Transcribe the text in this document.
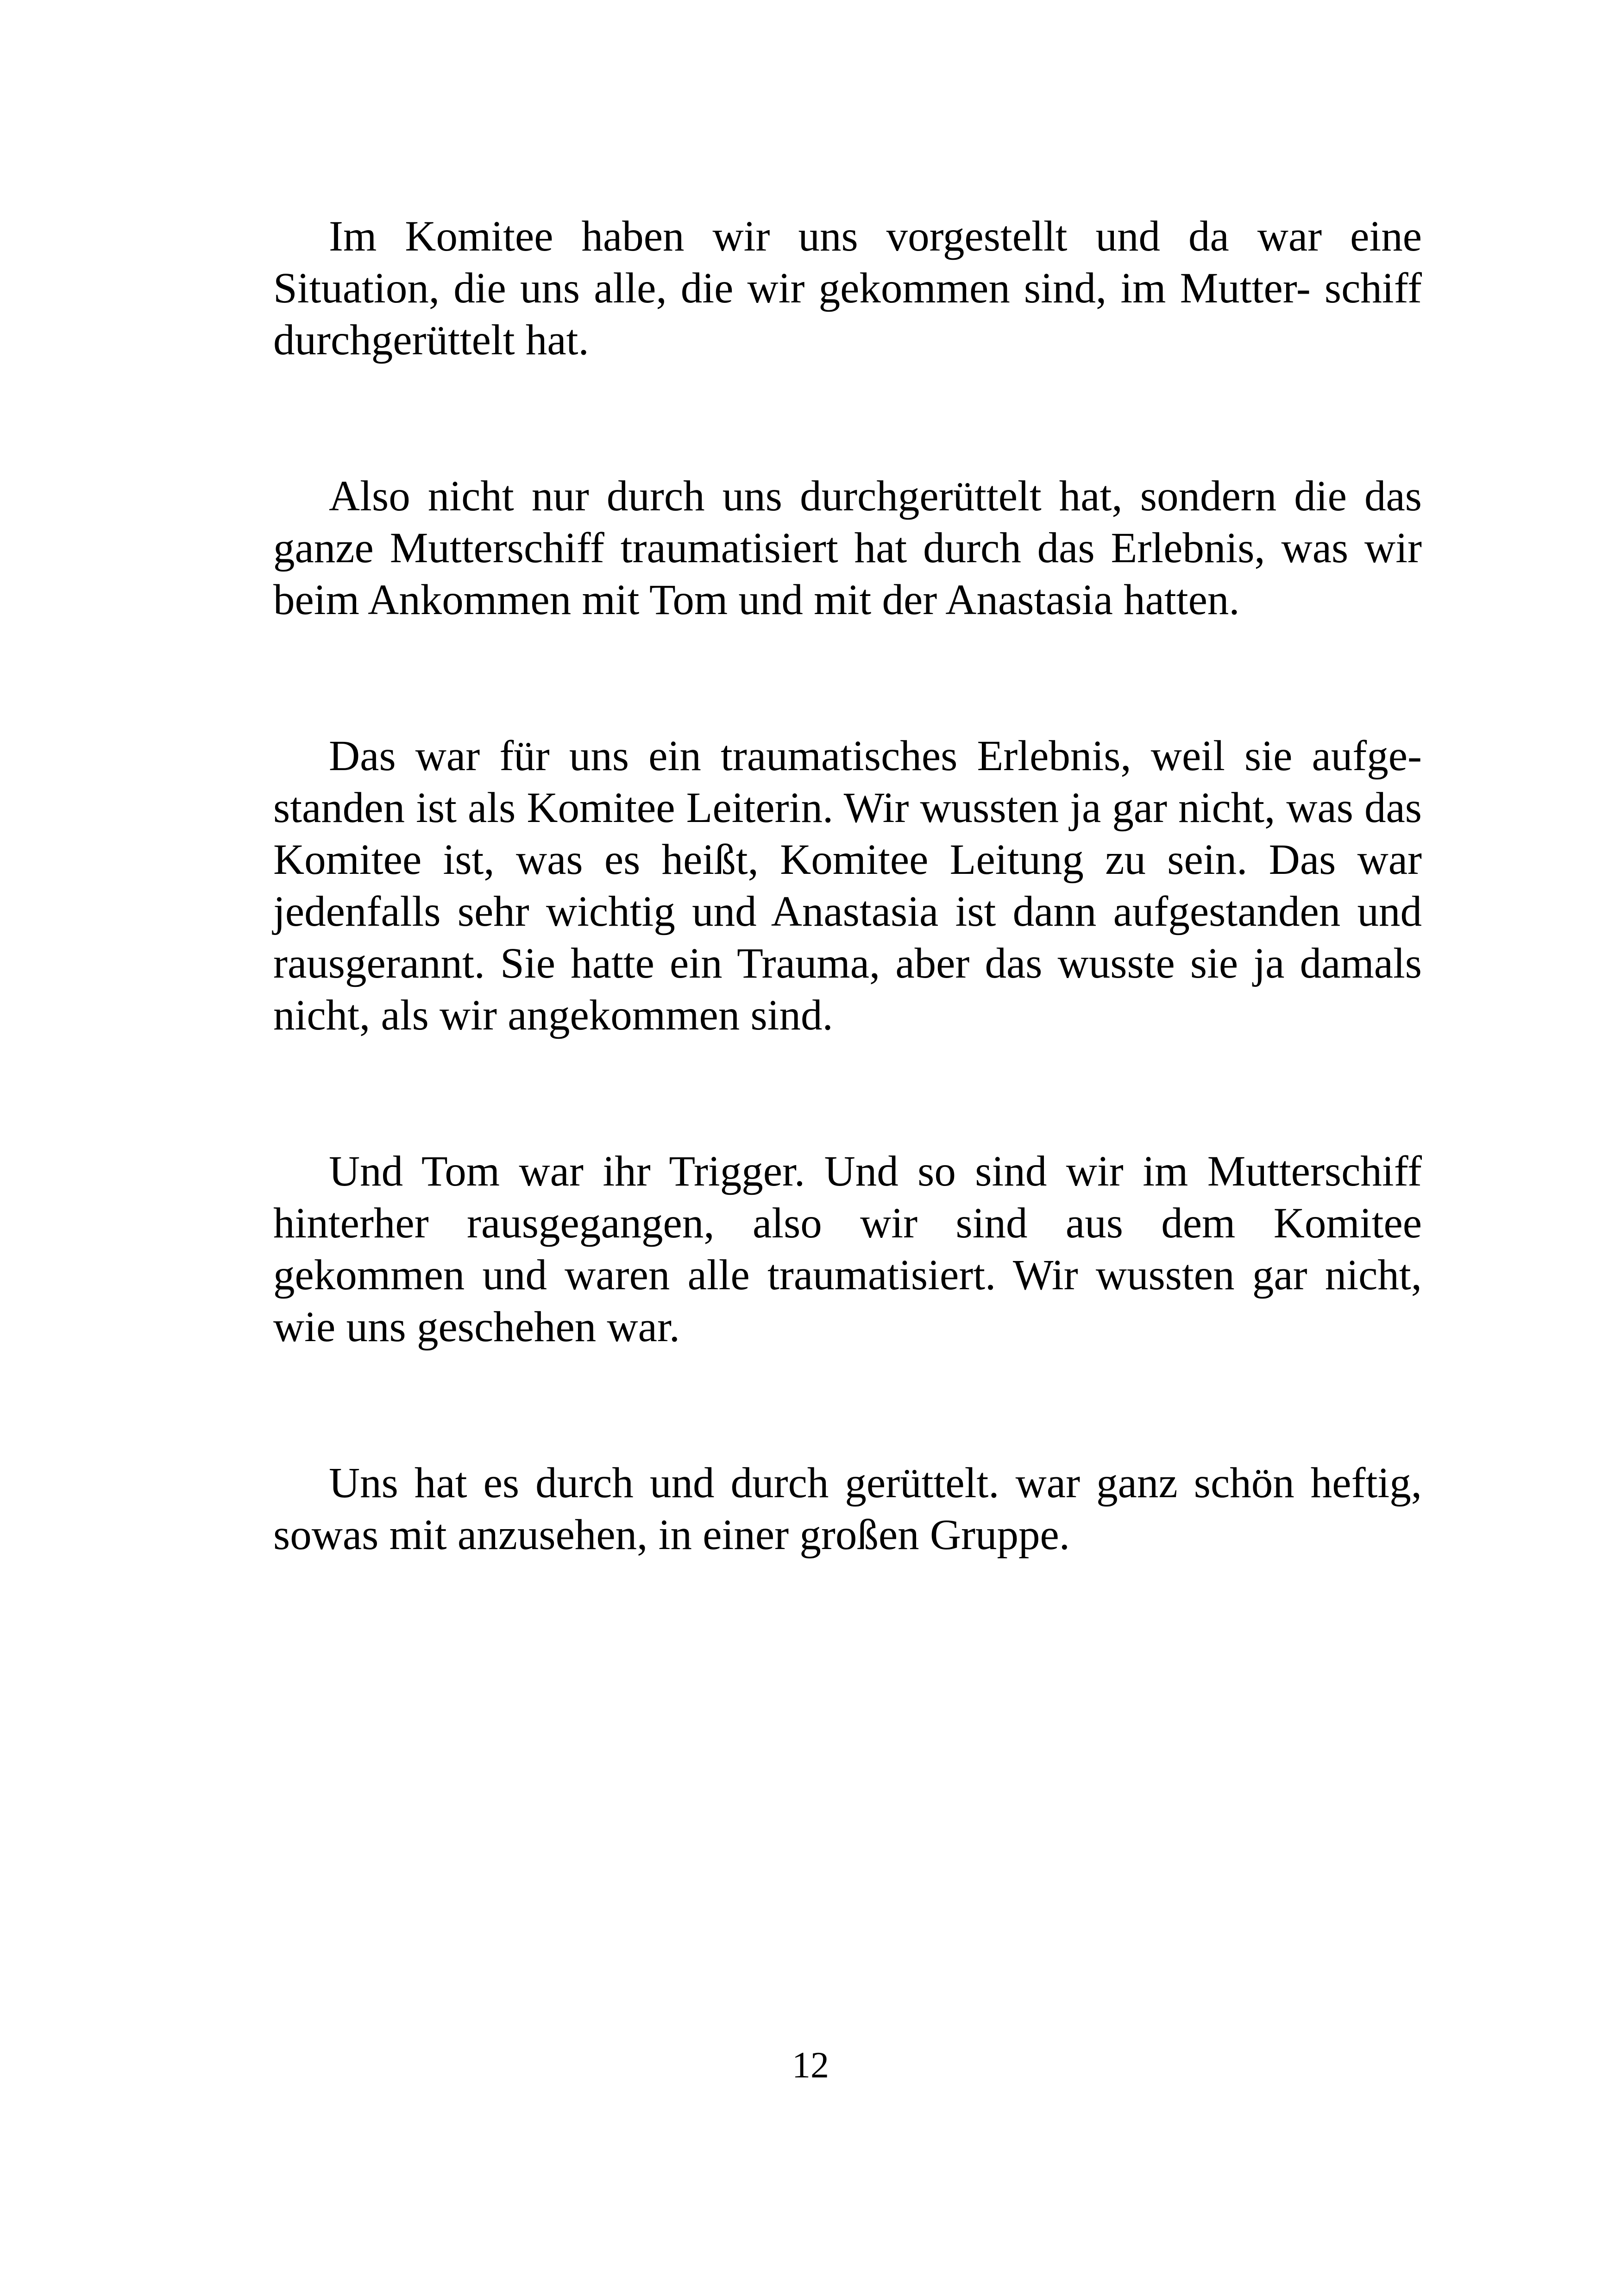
Im Komitee haben wir uns vorgestellt und da war eine Situation, die uns alle, die wir gekommen sind, im Mutter- schiff durchgerüttelt hat.

Also nicht nur durch uns durchgerüttelt hat, sondern die das ganze Mutterschiff traumatisiert hat durch das Erlebnis, was wir beim Ankommen mit Tom und mit der Anastasia hatten.

Das war für uns ein traumatisches Erlebnis, weil sie aufge- standen ist als Komitee Leiterin. Wir wussten ja gar nicht, was das Komitee ist, was es heißt, Komitee Leitung zu sein. Das war jedenfalls sehr wichtig und Anastasia ist dann aufgestanden und rausgerannt. Sie hatte ein Trauma, aber das wusste sie ja damals nicht, als wir angekommen sind.

Und Tom war ihr Trigger. Und so sind wir im Mutterschiff hinterher rausgegangen, also wir sind aus dem Komitee gekommen und waren alle traumatisiert. Wir wussten gar nicht, wie uns geschehen war.

Uns hat es durch und durch gerüttelt. war ganz schön heftig, sowas mit anzusehen, in einer großen Gruppe.

12
